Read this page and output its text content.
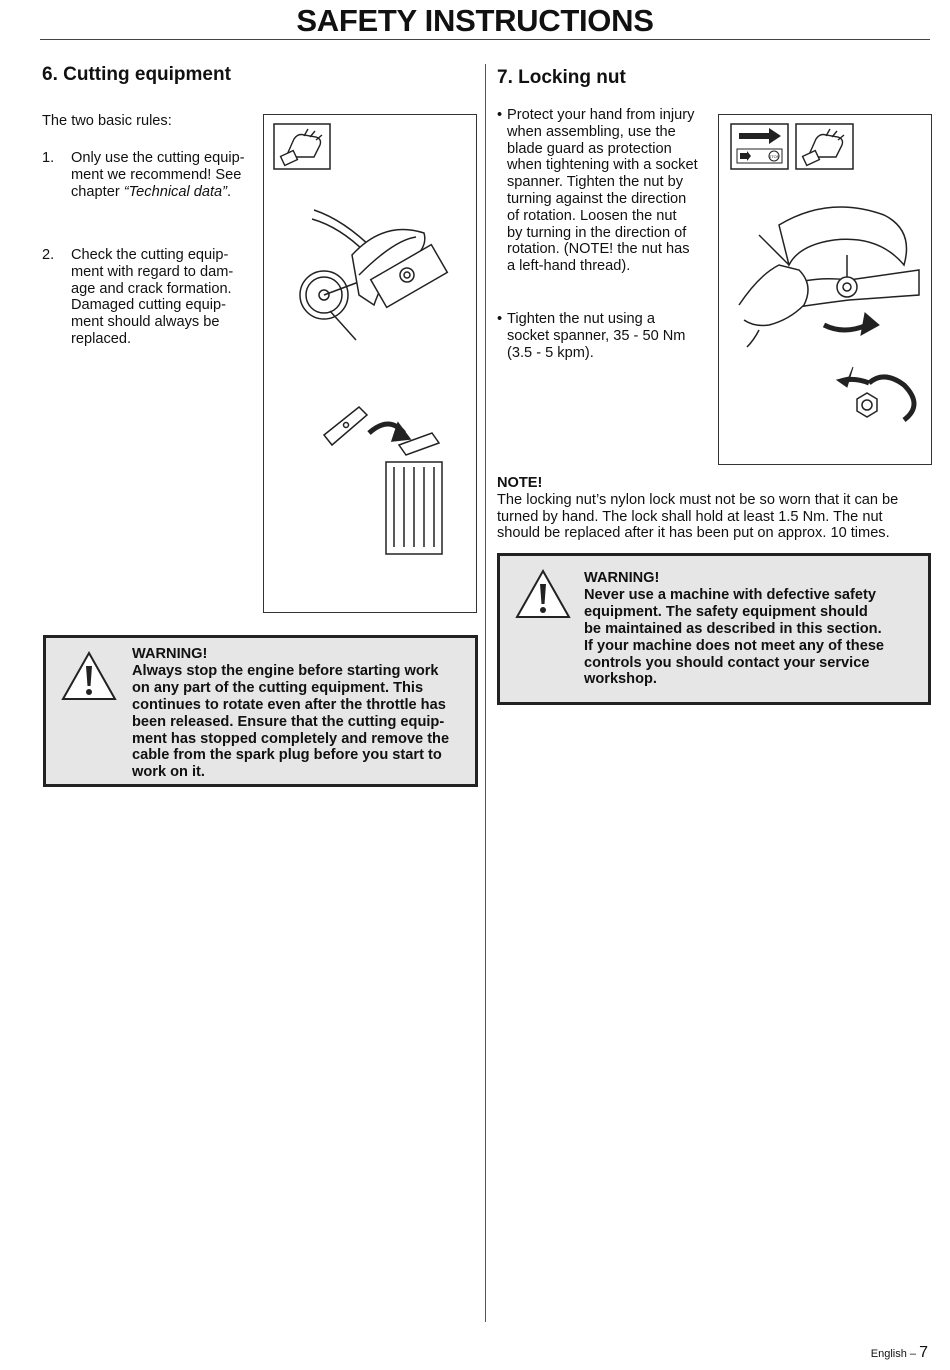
SAFETY INSTRUCTIONS
6. Cutting equipment
The two basic rules:
1.	Only use the cutting equip-
ment we recommend! See
chapter “Technical data”.
2.	Check the cutting equip-
ment with regard to dam-
age and crack formation.
Damaged cutting equip-
ment should always be
replaced.
WARNING!
Always stop the engine before starting work
on any part of the cutting equipment. This
continues to rotate even after the throttle has
been released. Ensure that the cutting equip-
ment has stopped completely and remove the
cable from the spark plug before you start to
work on it.
7. Locking nut
• Protect your hand from injury
when assembling, use the
blade guard as protection
when tightening with a socket
spanner. Tighten the nut by
turning against the direction
of rotation. Loosen the nut
by turning in the direction of
rotation. (NOTE! the nut has
a left-hand thread).
• Tighten the nut using a
socket spanner, 35 - 50 Nm
(3.5 - 5 kpm).
STOP
NOTE!
The locking nut’s nylon lock must not be so worn that it can be
turned by hand. The lock shall hold at least 1.5 Nm. The nut
should be replaced after it has been put on approx. 10 times.
WARNING!
Never use a machine with defective safety
equipment. The safety equipment should
be maintained as described in this section.
If your machine does not meet any of these
controls you should contact your service
workshop.
English – 7
